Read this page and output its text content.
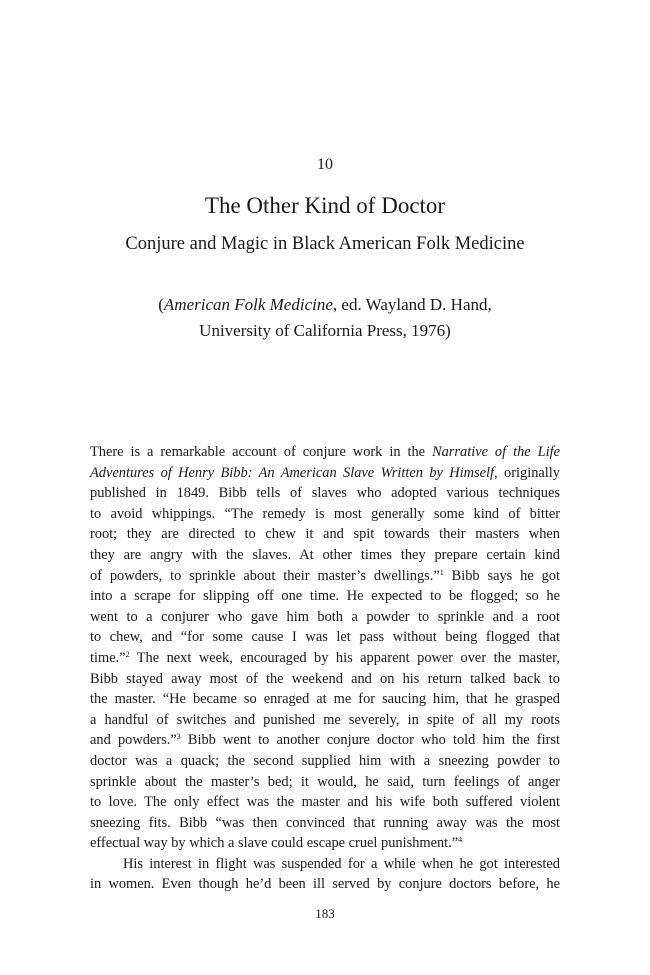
10
The Other Kind of Doctor
Conjure and Magic in Black American Folk Medicine
(American Folk Medicine, ed. Wayland D. Hand,
University of California Press, 1976)

There is a remarkable account of conjure work in the Narrative of the Life
Adventures of Henry Bibb: An American Slave Written by Himself, originally
published in 1849. Bibb tells of slaves who adopted various techniques
to avoid whippings. “The remedy is most generally some kind of bitter
root; they are directed to chew it and spit towards their masters when
they are angry with the slaves. At other times they prepare certain kind
of powders, to sprinkle about their master’s dwellings.”$^1$ Bibb says he got
into a scrape for slipping off one time. He expected to be flogged; so he
went to a conjurer who gave him both a powder to sprinkle and a root
to chew, and “for some cause I was let pass without being flogged that
time.”$^2$ The next week, encouraged by his apparent power over the master,
Bibb stayed away most of the weekend and on his return talked back to
the master. “He became so enraged at me for saucing him, that he grasped
a handful of switches and punished me severely, in spite of all my roots
and powders.”$^3$ Bibb went to another conjure doctor who told him the first
doctor was a quack; the second supplied him with a sneezing powder to
sprinkle about the master’s bed; it would, he said, turn feelings of anger
to love. The only effect was the master and his wife both suffered violent
sneezing fits. Bibb “was then convinced that running away was the most
effectual way by which a slave could escape cruel punishment.”$^4$

His interest in flight was suspended for a while when he got interested
in women. Even though he’d been ill served by conjure doctors before, he

183
